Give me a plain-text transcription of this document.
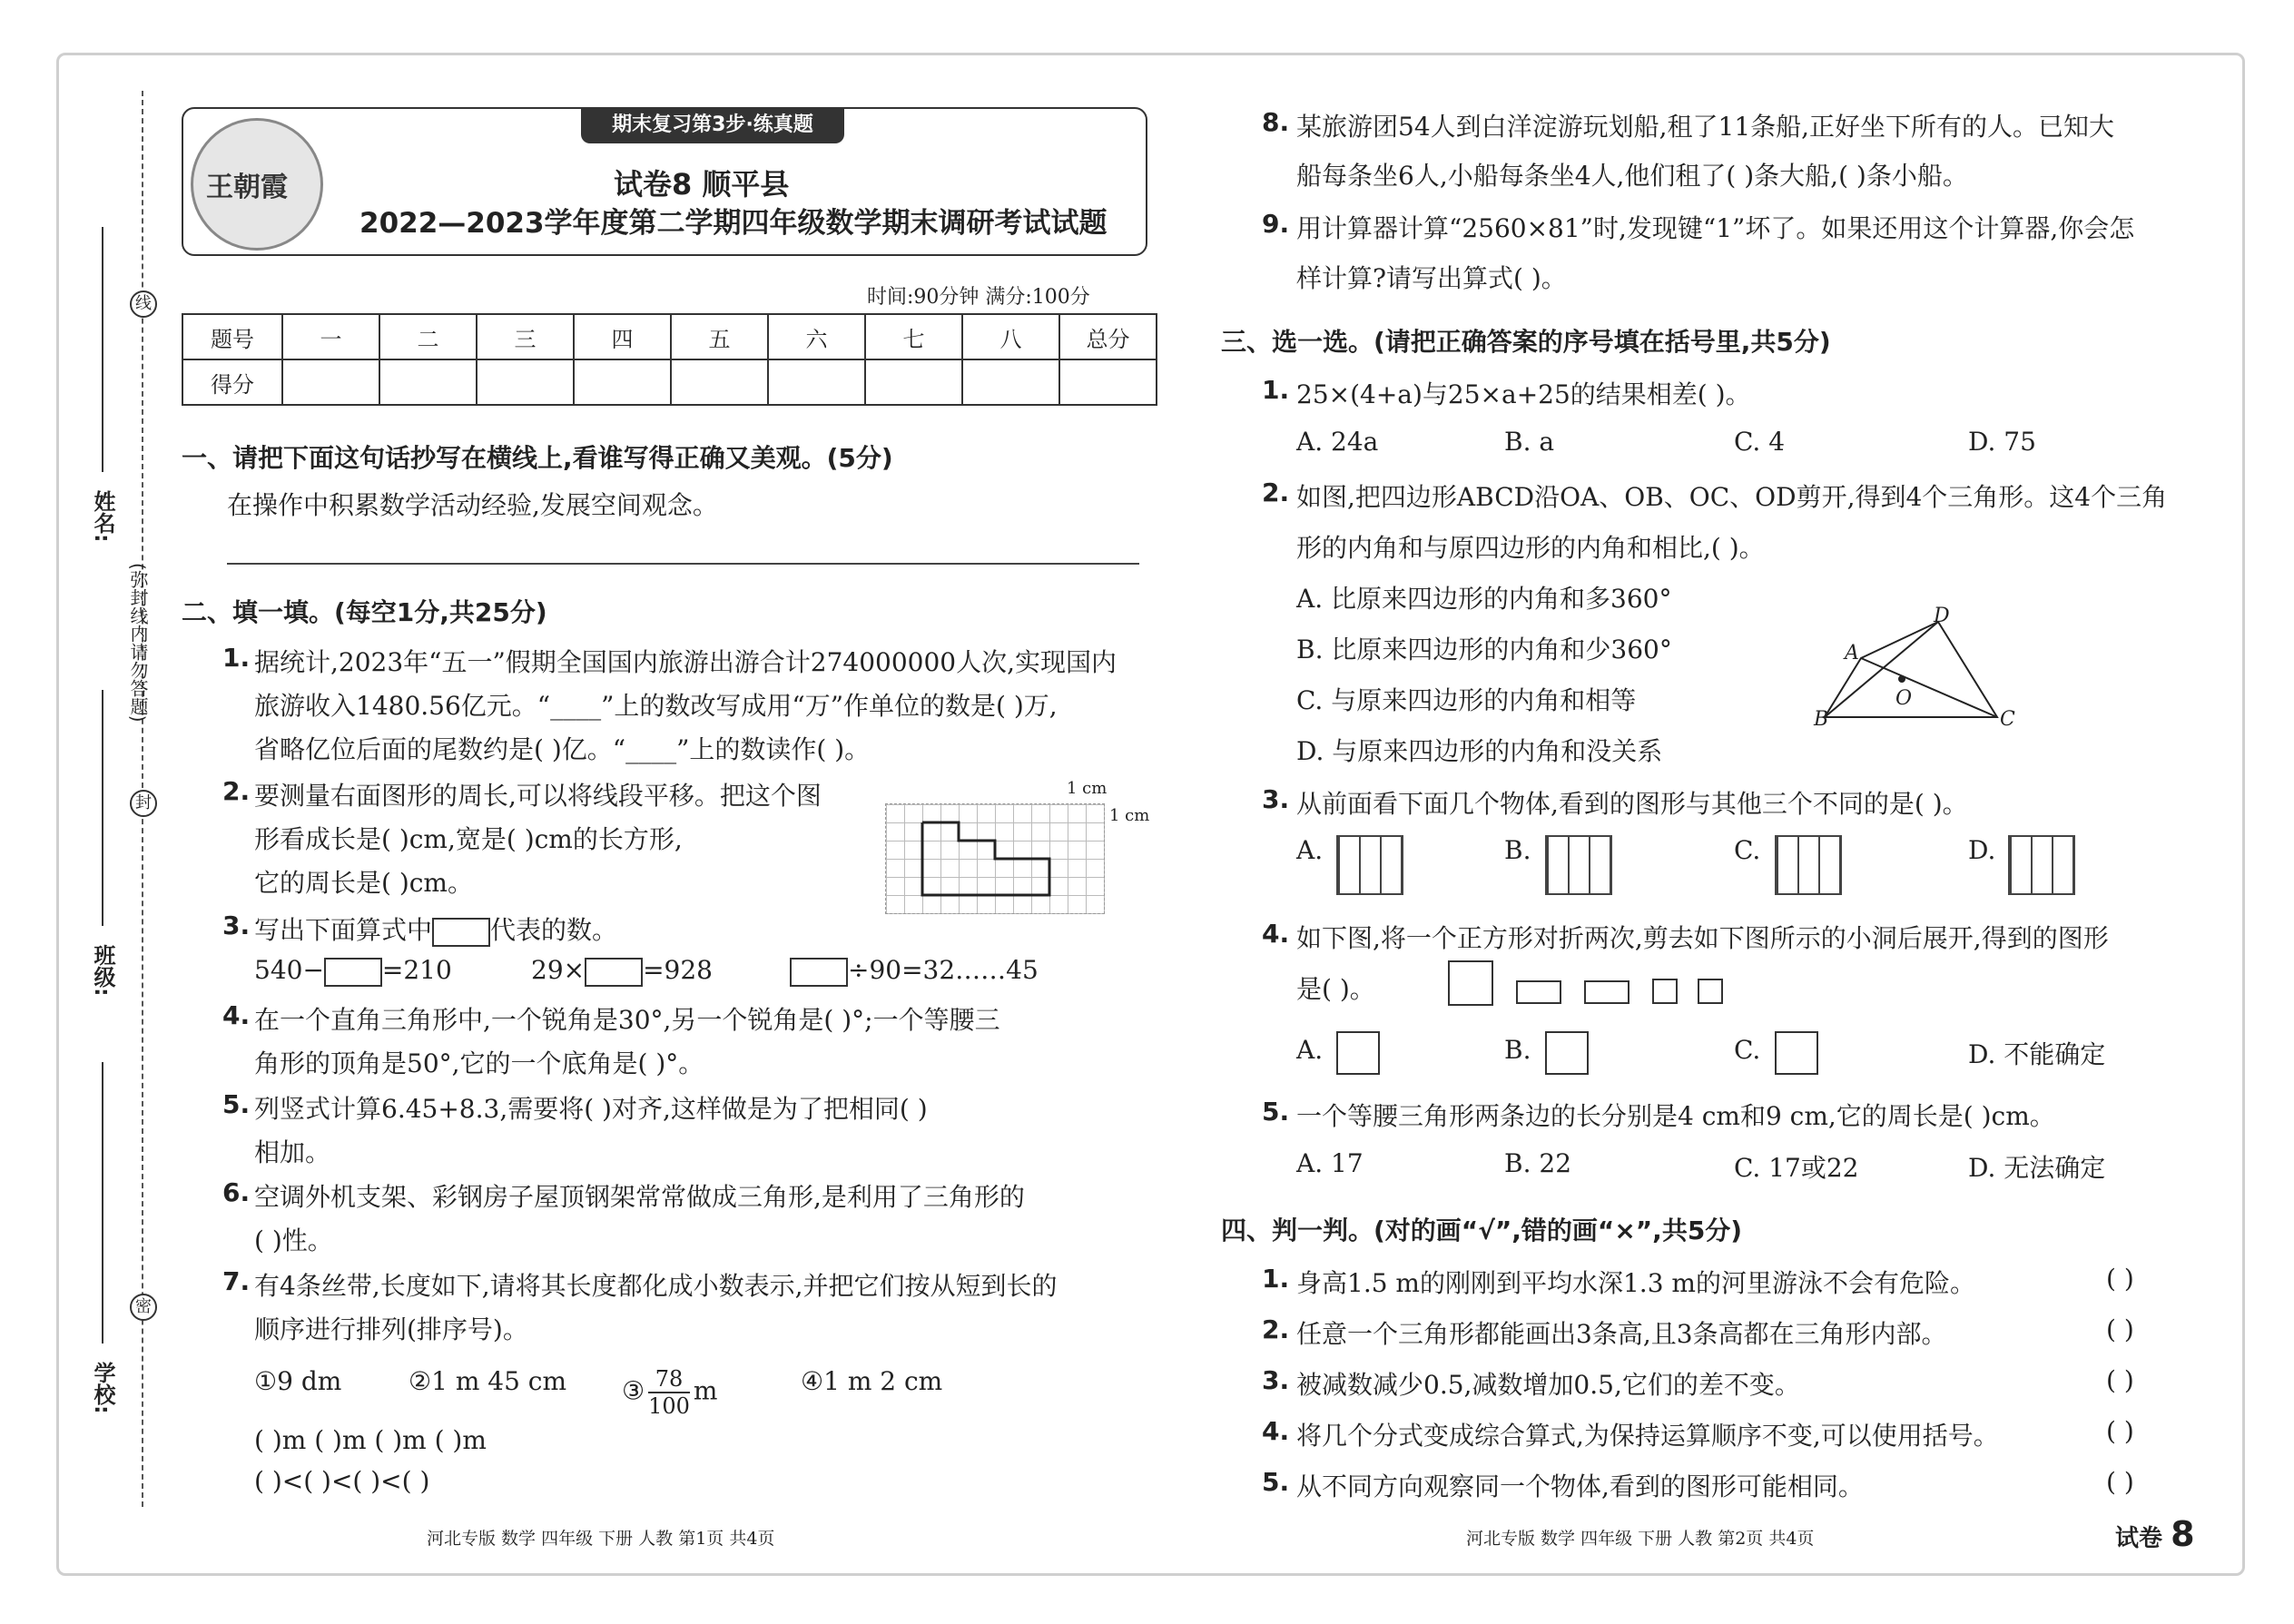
线
封
密
(弥封线内请勿答题)
姓名:
班级:
学校:
王朝霞
期末复习第3步·练真题
试卷8 顺平县
2022—2023学年度第二学期四年级数学期末调研考试试题
时间:90分钟 满分:100分
题号	一	二	三	四	五	六	七	八	总分
得分									
一、请把下面这句话抄写在横线上,看谁写得正确又美观。(5分)
在操作中积累数学活动经验,发展空间观念。
二、填一填。(每空1分,共25分)
1. 据统计,2023年“五一”假期全国国内旅游出游合计274000000人次,实现国内
旅游收入1480.56亿元。“____”上的数改写成用“万”作单位的数是( )万,
省略亿位后面的尾数约是( )亿。“____”上的数读作( )。
2. 要测量右面图形的周长,可以将线段平移。把这个图
形看成长是( )cm,宽是( )cm的长方形,
它的周长是( )cm。
1 cm
1 cm
3. 写出下面算式中 代表的数。
540− =210	29× =928	÷90=32……45
4. 在一个直角三角形中,一个锐角是30°,另一个锐角是( )°;一个等腰三
角形的顶角是50°,它的一个底角是( )°。
5. 列竖式计算6.45+8.3,需要将( )对齐,这样做是为了把相同( )
相加。
6. 空调外机支架、彩钢房子屋顶钢架常常做成三角形,是利用了三角形的
( )性。
7. 有4条丝带,长度如下,请将其长度都化成小数表示,并把它们按从短到长的
顺序进行排列(排序号)。
①9 dm	②1 m 45 cm ③ $\frac{78}{100}$ m	④1 m 2 cm
( )m ( )m ( )m ( )m
( )<( )<( )<( )
8. 某旅游团54人到白洋淀游玩划船,租了11条船,正好坐下所有的人。已知大
船每条坐6人,小船每条坐4人,他们租了( )条大船,( )条小船。
9. 用计算器计算“2560×81”时,发现键“1”坏了。如果还用这个计算器,你会怎
样计算?请写出算式( )。
三、选一选。(请把正确答案的序号填在括号里,共5分)
1. 25×(4+a)与25×a+25的结果相差( )。
A. 24a	B. a	C. 4	D. 75
2. 如图,把四边形ABCD沿OA、OB、OC、OD剪开,得到4个三角形。这4个三角
形的内角和与原四边形的内角和相比,( )。
A. 比原来四边形的内角和多360°
B. 比原来四边形的内角和少360°
C. 与原来四边形的内角和相等
D. 与原来四边形的内角和没关系
A
B	C
D
O
3. 从前面看下面几个物体,看到的图形与其他三个不同的是( )。
A.	B.	C.	D.
4. 如下图,将一个正方形对折两次,剪去如下图所示的小洞后展开,得到的图形
是( )。
A.	B.	C.	D. 不能确定
5. 一个等腰三角形两条边的长分别是4 cm和9 cm,它的周长是( )cm。
A. 17	B. 22	C. 17或22	D. 无法确定
四、判一判。(对的画“√”,错的画“×”,共5分)
1. 身高1.5 m的刚刚到平均水深1.3 m的河里游泳不会有危险。	( )
2. 任意一个三角形都能画出3条高,且3条高都在三角形内部。	( )
3. 被减数减少0.5,减数增加0.5,它们的差不变。	( )
4. 将几个分式变成综合算式,为保持运算顺序不变,可以使用括号。	( )
5. 从不同方向观察同一个物体,看到的图形可能相同。	( )
河北专版 数学 四年级 下册 人教 第1页 共4页	河北专版 数学 四年级 下册 人教 第2页 共4页	试卷 8
